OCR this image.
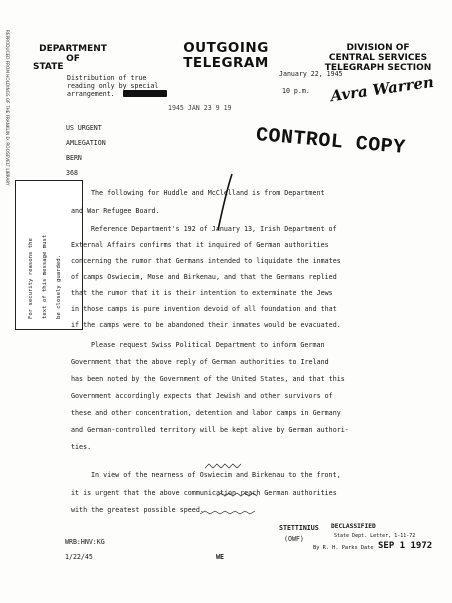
REPRODUCED FROM HOLDINGS OF THE FRANKLIN D. ROOSEVELT LIBRARY	DEPARTMENT
OF
STATE
OUTGOING
TELEGRAM
DIVISION OF
CENTRAL SERVICES
TELEGRAPH SECTION
Distribution of true
reading only by special
arrangement.
January 22, 1945
10 p.m.
1945 JAN 23 9 19
Avra Warren
US URGENT
AMLEGATION
BERN
368
CONTROL COPY
For security reasons the text of this message must be closely guarded.
The following for Huddle and McClelland is from Department
and War Refugee Board.
Reference Department's 192 of January 13, Irish Department of
External Affairs confirms that it inquired of German authorities
concerning the rumor that Germans intended to liquidate the inmates
of camps Oswiecim, Mose and Birkenau, and that the Germans replied
that the rumor that it is their intention to exterminate the Jews
in those camps is pure invention devoid of all foundation and that
if the camps were to be abandoned their inmates would be evacuated.
Please request Swiss Political Department to inform German
Government that the above reply of German authorities to Ireland
has been noted by the Government of the United States, and that this
Government accordingly expects that Jewish and other survivors of
these and other concentration, detention and labor camps in Germany
and German-controlled territory will be kept alive by German authori-
ties.
In view of the nearness of Oswiecim and Birkenau to the front,
it is urgent that the above communication reach German authorities
with the greatest possible speed.
STETTINIUS
(OWF)
DECLASSIFIED
State Dept. Letter, 1-11-72
By R. H. Parks Date SEP 1 1972
WRB:HNV:KG
1/22/45	WE
